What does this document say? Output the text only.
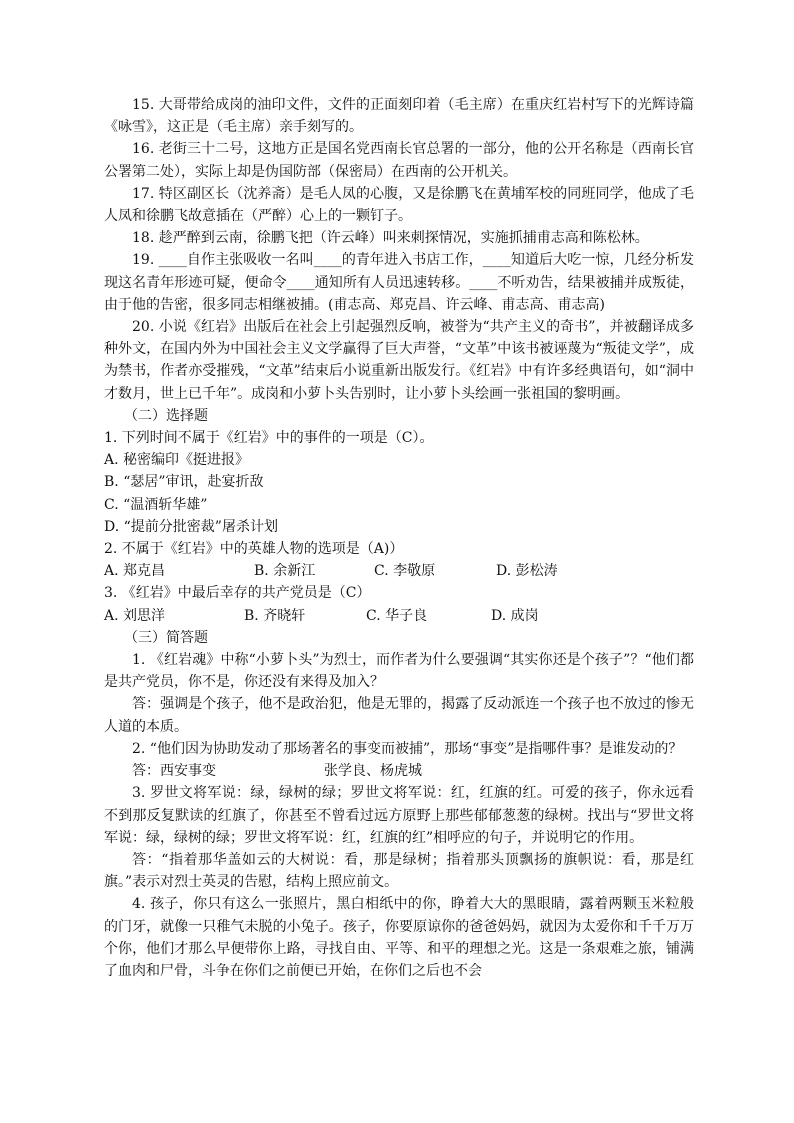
15. 大哥带给成岗的油印文件，文件的正面刻印着（毛主席）在重庆红岩村写下的光辉诗篇《咏雪》，这正是（毛主席）亲手刻写的。

16. 老街三十二号，这地方正是国名党西南长官总署的一部分，他的公开名称是（西南长官公署第二处），实际上却是伪国防部（保密局）在西南的公开机关。

17. 特区副区长（沈养斋）是毛人凤的心腹，又是徐鹏飞在黄埔军校的同班同学，他成了毛人凤和徐鹏飞故意插在（严醉）心上的一颗钉子。

18. 趁严醉到云南，徐鹏飞把（许云峰）叫来刺探情况，实施抓捕甫志高和陈松林。

19. ____自作主张吸收一名叫____的青年进入书店工作，____知道后大吃一惊，几经分析发现这名青年形迹可疑，便命令____通知所有人员迅速转移。____不听劝告，结果被捕并成叛徒，由于他的告密，很多同志相继被捕。(甫志高、郑克昌、许云峰、甫志高、甫志高)

20. 小说《红岩》出版后在社会上引起强烈反响，被誉为“共产主义的奇书”，并被翻译成多种外文，在国内外为中国社会主义文学赢得了巨大声誉，“文革”中该书被诬蔑为“叛徒文学”，成为禁书，作者亦受摧残，“文革”结束后小说重新出版发行。《红岩》中有许多经典语句，如“洞中才数月，世上已千年”。成岗和小萝卜头告别时，让小萝卜头绘画一张祖国的黎明画。

（二）选择题

1. 下列时间不属于《红岩》中的事件的一项是（C）。

A. 秘密编印《挺进报》

B. “瑟居”审讯，赴宴折敌

C. “温酒斩华雄”

D. “提前分批密裁”屠杀计划

2. 不属于《红岩》中的英雄人物的选项是（A)）

A. 郑克昌	B. 余新江	C. 李敬原	D. 彭松涛

3. 《红岩》中最后幸存的共产党员是（C）

A. 刘思洋	B. 齐晓轩	C. 华子良	D. 成岗

（三）简答题

1. 《红岩魂》中称“小萝卜头”为烈士，而作者为什么要强调“其实你还是个孩子”？“他们都是共产党员，你不是，你还没有来得及加入？

答：强调是个孩子，他不是政治犯，他是无罪的，揭露了反动派连一个孩子也不放过的惨无人道的本质。

2. “他们因为协助发动了那场著名的事变而被捕”，那场“事变”是指哪件事？是谁发动的？

答：西安事变	张学良、杨虎城

3. 罗世文将军说：绿，绿树的绿；罗世文将军说：红，红旗的红。可爱的孩子，你永远看不到那反复默读的红旗了，你甚至不曾看过远方原野上那些郁郁葱葱的绿树。找出与“罗世文将军说：绿，绿树的绿；罗世文将军说：红，红旗的红”相呼应的句子，并说明它的作用。

答：“指着那华盖如云的大树说：看，那是绿树；指着那头顶飘扬的旗帜说：看，那是红旗。”表示对烈士英灵的告慰，结构上照应前文。

4. 孩子，你只有这么一张照片，黑白相纸中的你，睁着大大的黑眼睛，露着两颗玉米粒般的门牙，就像一只稚气未脱的小兔子。孩子，你要原谅你的爸爸妈妈，就因为太爱你和千千万万个你，他们才那么早便带你上路，寻找自由、平等、和平的理想之光。这是一条艰难之旅，铺满了血肉和尸骨，斗争在你们之前便已开始，在你们之后也不会
